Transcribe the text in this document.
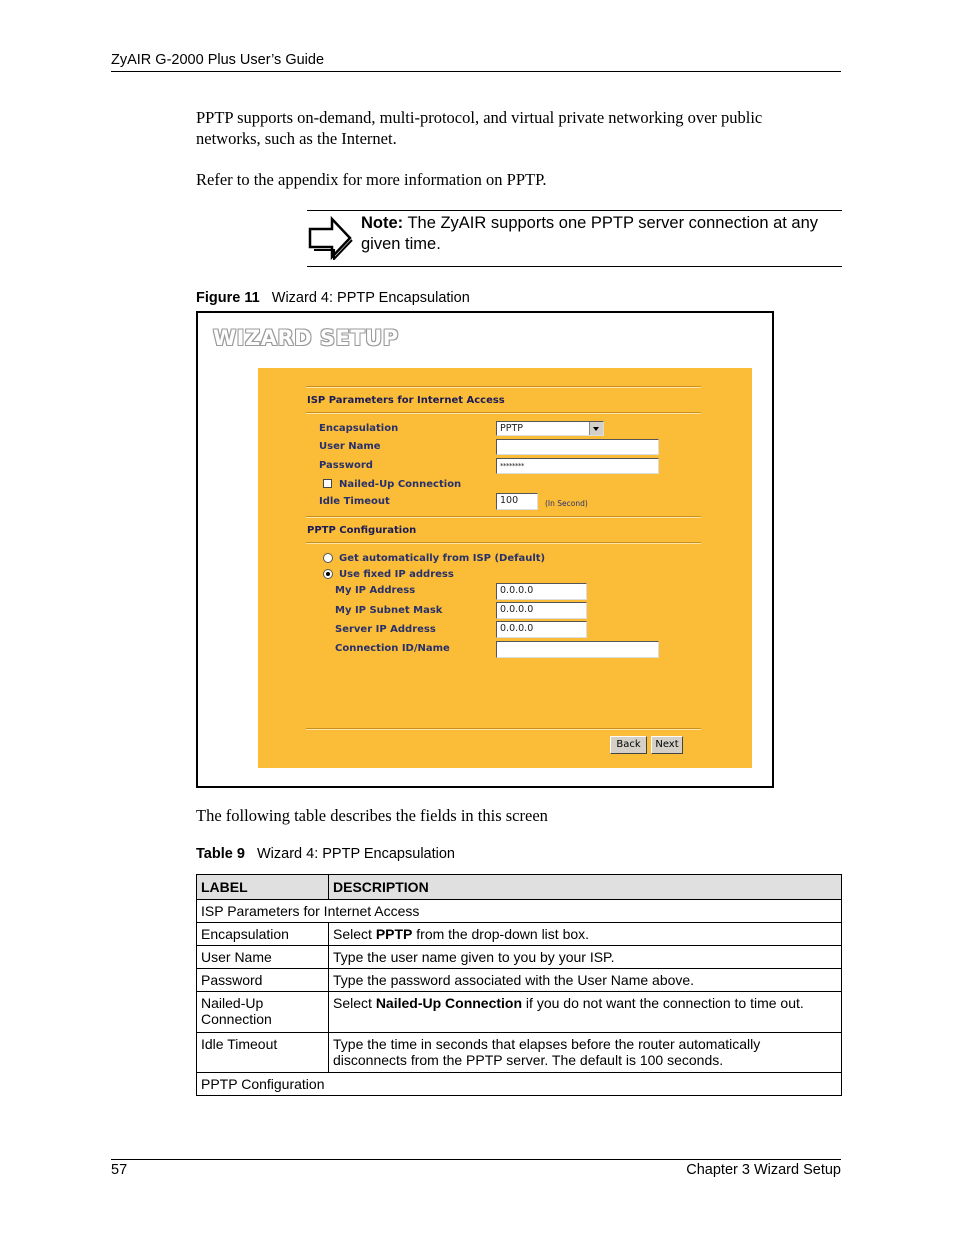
ZyAIR G-2000 Plus User’s Guide
PPTP supports on-demand, multi-protocol, and virtual private networking over public networks, such as the Internet.
Refer to the appendix for more information on PPTP.
Note: The ZyAIR supports one PPTP server connection at any given time.
Figure 11 Wizard 4: PPTP Encapsulation
WIZARD SETUP
ISP Parameters for Internet Access
Encapsulation	PPTP
User Name
Password	********
Nailed-Up Connection
Idle Timeout	100	(In Second)
PPTP Configuration
Get automatically from ISP (Default)
Use fixed IP address
My IP Address	0.0.0.0
My IP Subnet Mask	0.0.0.0
Server IP Address	0.0.0.0
Connection ID/Name
Back	Next
The following table describes the fields in this screen
Table 9 Wizard 4: PPTP Encapsulation
LABEL	DESCRIPTION
ISP Parameters for Internet Access	
Encapsulation	Select PPTP from the drop-down list box.
User Name	Type the user name given to you by your ISP.
Password	Type the password associated with the User Name above.
Nailed-Up Connection	Select Nailed-Up Connection if you do not want the connection to time out.
Idle Timeout	Type the time in seconds that elapses before the router automatically disconnects from the PPTP server. The default is 100 seconds.
PPTP Configuration	
57	Chapter 3 Wizard Setup
